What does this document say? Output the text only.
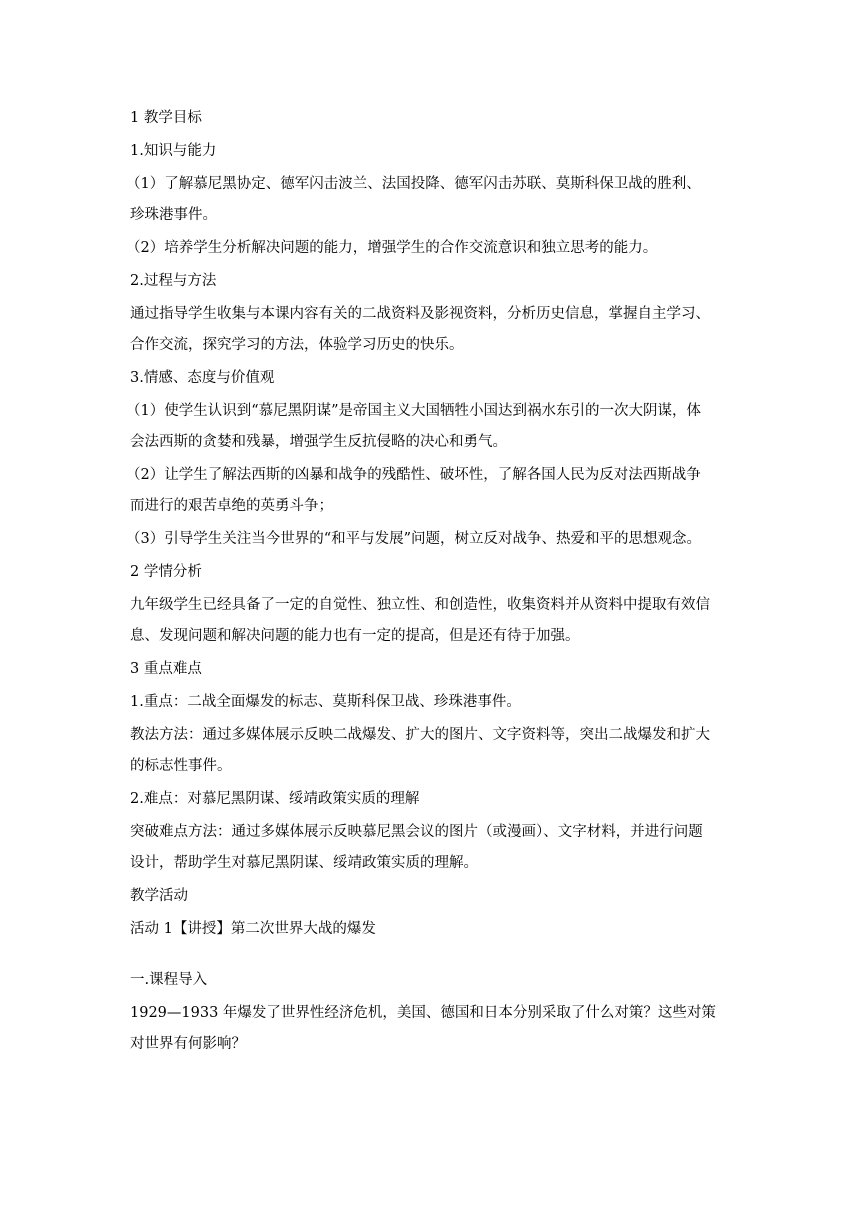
1 教学目标

1.知识与能力

（1）了解慕尼黑协定、德军闪击波兰、法国投降、德军闪击苏联、莫斯科保卫战的胜利、

珍珠港事件。

（2）培养学生分析解决问题的能力，增强学生的合作交流意识和独立思考的能力。

2.过程与方法

通过指导学生收集与本课内容有关的二战资料及影视资料，分析历史信息，掌握自主学习、

合作交流，探究学习的方法，体验学习历史的快乐。

3.情感、态度与价值观

（1）使学生认识到“慕尼黑阴谋”是帝国主义大国牺牲小国达到祸水东引的一次大阴谋，体

会法西斯的贪婪和残暴，增强学生反抗侵略的决心和勇气。

（2）让学生了解法西斯的凶暴和战争的残酷性、破坏性，了解各国人民为反对法西斯战争

而进行的艰苦卓绝的英勇斗争；

（3）引导学生关注当今世界的“和平与发展”问题，树立反对战争、热爱和平的思想观念。

2 学情分析

九年级学生已经具备了一定的自觉性、独立性、和创造性，收集资料并从资料中提取有效信

息、发现问题和解决问题的能力也有一定的提高，但是还有待于加强。

3 重点难点

1.重点：二战全面爆发的标志、莫斯科保卫战、珍珠港事件。

教法方法：通过多媒体展示反映二战爆发、扩大的图片、文字资料等，突出二战爆发和扩大

的标志性事件。

2.难点：对慕尼黑阴谋、绥靖政策实质的理解

突破难点方法：通过多媒体展示反映慕尼黑会议的图片（或漫画）、文字材料，并进行问题

设计，帮助学生对慕尼黑阴谋、绥靖政策实质的理解。

教学活动

活动 1【讲授】第二次世界大战的爆发

一.课程导入

1929—1933 年爆发了世界性经济危机，美国、德国和日本分别采取了什么对策？这些对策

对世界有何影响？
